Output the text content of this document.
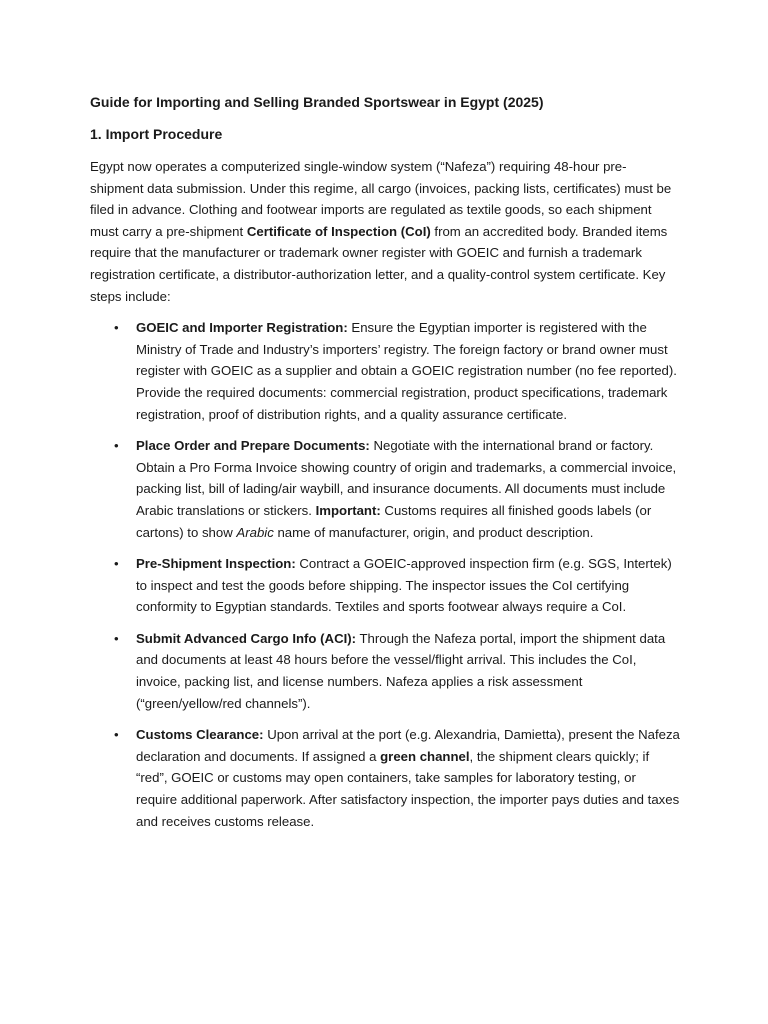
Guide for Importing and Selling Branded Sportswear in Egypt (2025)
1. Import Procedure

Egypt now operates a computerized single-window system (“Nafeza”) requiring 48-hour pre-shipment data submission. Under this regime, all cargo (invoices, packing lists, certificates) must be filed in advance. Clothing and footwear imports are regulated as textile goods, so each shipment must carry a pre-shipment Certificate of Inspection (CoI) from an accredited body. Branded items require that the manufacturer or trademark owner register with GOEIC and furnish a trademark registration certificate, a distributor-authorization letter, and a quality-control system certificate. Key steps include:

• GOEIC and Importer Registration: Ensure the Egyptian importer is registered with the Ministry of Trade and Industry’s importers’ registry. The foreign factory or brand owner must register with GOEIC as a supplier and obtain a GOEIC registration number (no fee reported). Provide the required documents: commercial registration, product specifications, trademark registration, proof of distribution rights, and a quality assurance certificate.
• Place Order and Prepare Documents: Negotiate with the international brand or factory. Obtain a Pro Forma Invoice showing country of origin and trademarks, a commercial invoice, packing list, bill of lading/air waybill, and insurance documents. All documents must include Arabic translations or stickers. Important: Customs requires all finished goods labels (or cartons) to show Arabic name of manufacturer, origin, and product description.
• Pre-Shipment Inspection: Contract a GOEIC-approved inspection firm (e.g. SGS, Intertek) to inspect and test the goods before shipping. The inspector issues the CoI certifying conformity to Egyptian standards. Textiles and sports footwear always require a CoI.
• Submit Advanced Cargo Info (ACI): Through the Nafeza portal, import the shipment data and documents at least 48 hours before the vessel/flight arrival. This includes the CoI, invoice, packing list, and license numbers. Nafeza applies a risk assessment (“green/yellow/red channels”).
• Customs Clearance: Upon arrival at the port (e.g. Alexandria, Damietta), present the Nafeza declaration and documents. If assigned a green channel, the shipment clears quickly; if “red”, GOEIC or customs may open containers, take samples for laboratory testing, or require additional paperwork. After satisfactory inspection, the importer pays duties and taxes and receives customs release.
